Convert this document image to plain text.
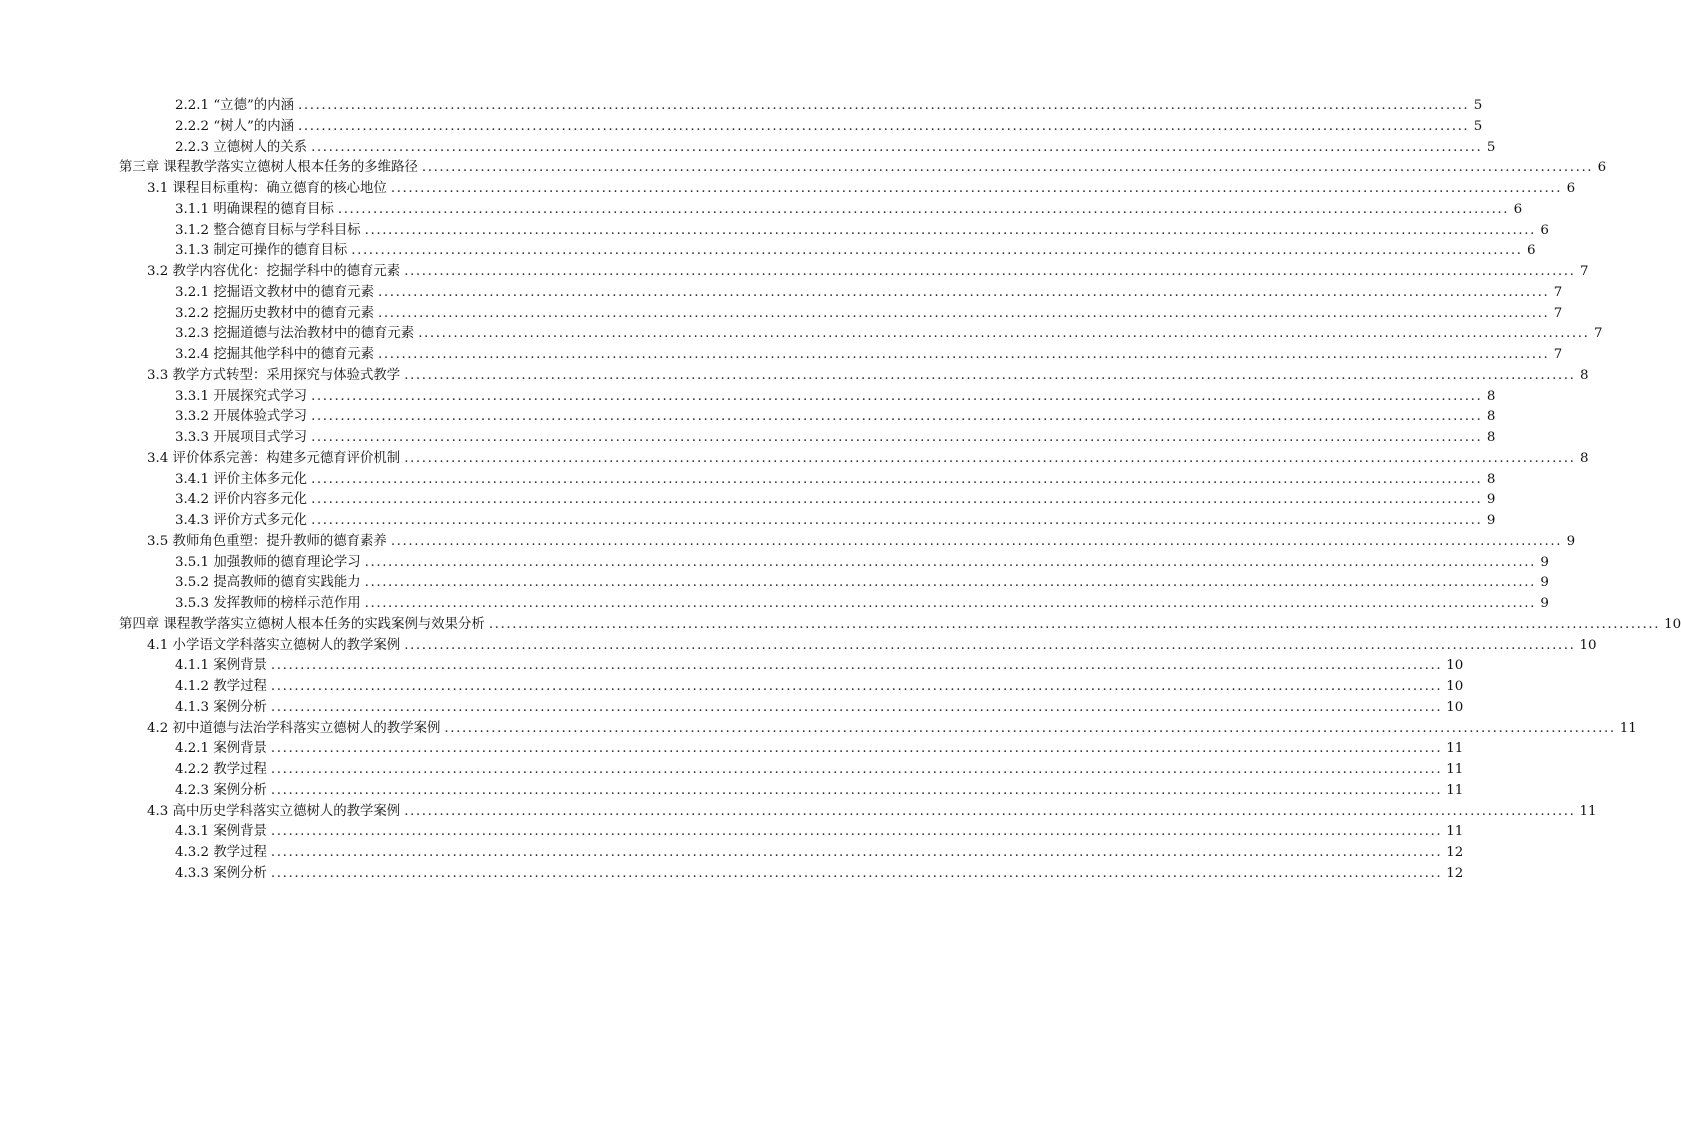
2.2.1 “立德”的内涵 ........................................................................................................................................................................................................ 5
2.2.2 “树人”的内涵 ........................................................................................................................................................................................................ 5
2.2.3 立德树人的关系 ........................................................................................................................................................................................................ 5
第三章 课程教学落实立德树人根本任务的多维路径 ........................................................................................................................................................................................................ 6
3.1 课程目标重构：确立德育的核心地位 ........................................................................................................................................................................................................ 6
3.1.1 明确课程的德育目标 ........................................................................................................................................................................................................ 6
3.1.2 整合德育目标与学科目标 ........................................................................................................................................................................................................ 6
3.1.3 制定可操作的德育目标 ........................................................................................................................................................................................................ 6
3.2 教学内容优化：挖掘学科中的德育元素 ........................................................................................................................................................................................................ 7
3.2.1 挖掘语文教材中的德育元素 ........................................................................................................................................................................................................ 7
3.2.2 挖掘历史教材中的德育元素 ........................................................................................................................................................................................................ 7
3.2.3 挖掘道德与法治教材中的德育元素 ........................................................................................................................................................................................................ 7
3.2.4 挖掘其他学科中的德育元素 ........................................................................................................................................................................................................ 7
3.3 教学方式转型：采用探究与体验式教学 ........................................................................................................................................................................................................ 8
3.3.1 开展探究式学习 ........................................................................................................................................................................................................ 8
3.3.2 开展体验式学习 ........................................................................................................................................................................................................ 8
3.3.3 开展项目式学习 ........................................................................................................................................................................................................ 8
3.4 评价体系完善：构建多元德育评价机制 ........................................................................................................................................................................................................ 8
3.4.1 评价主体多元化 ........................................................................................................................................................................................................ 8
3.4.2 评价内容多元化 ........................................................................................................................................................................................................ 9
3.4.3 评价方式多元化 ........................................................................................................................................................................................................ 9
3.5 教师角色重塑：提升教师的德育素养 ........................................................................................................................................................................................................ 9
3.5.1 加强教师的德育理论学习 ........................................................................................................................................................................................................ 9
3.5.2 提高教师的德育实践能力 ........................................................................................................................................................................................................ 9
3.5.3 发挥教师的榜样示范作用 ........................................................................................................................................................................................................ 9
第四章 课程教学落实立德树人根本任务的实践案例与效果分析 ........................................................................................................................................................................................................ 10
4.1 小学语文学科落实立德树人的教学案例 ........................................................................................................................................................................................................ 10
4.1.1 案例背景 ........................................................................................................................................................................................................ 10
4.1.2 教学过程 ........................................................................................................................................................................................................ 10
4.1.3 案例分析 ........................................................................................................................................................................................................ 10
4.2 初中道德与法治学科落实立德树人的教学案例 ........................................................................................................................................................................................................ 11
4.2.1 案例背景 ........................................................................................................................................................................................................ 11
4.2.2 教学过程 ........................................................................................................................................................................................................ 11
4.2.3 案例分析 ........................................................................................................................................................................................................ 11
4.3 高中历史学科落实立德树人的教学案例 ........................................................................................................................................................................................................ 11
4.3.1 案例背景 ........................................................................................................................................................................................................ 11
4.3.2 教学过程 ........................................................................................................................................................................................................ 12
4.3.3 案例分析 ........................................................................................................................................................................................................ 12
